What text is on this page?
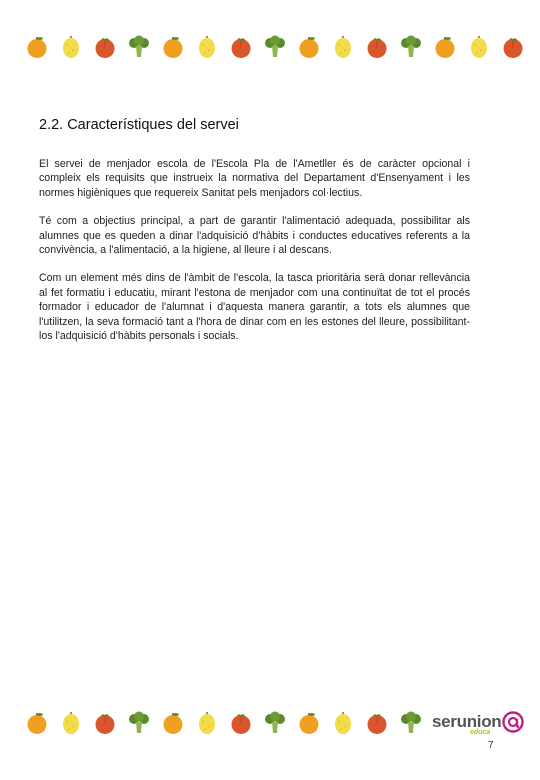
2.2. Característiques del servei

El servei de menjador escola de l'Escola Pla de l'Ametller és de caràcter opcional i compleix els requisits que instrueix la normativa del Departament d'Ensenyament i les normes higièniques que requereix Sanitat pels menjadors col·lectius.

Té com a objectius principal, a part de garantir l'alimentació adequada, possibilitar als alumnes que es queden a dinar l'adquisició d'hàbits i conductes educatives referents a la convivència, a l'alimentació, a la higiene, al lleure i al descans.

Com un element més dins de l'àmbit de l'escola, la tasca prioritària serà donar rellevància al fet formatiu i educatiu, mirant l'estona de menjador com una continuïtat de tot el procés formador i educador de l'alumnat i d'aquesta manera garantir, a tots els alumnes que l'utilitzen, la seva formació tant a l'hora de dinar com en les estones del lleure, possibilitant-los l'adquisició d'hàbits personals i socials.

serunion
educa
7
